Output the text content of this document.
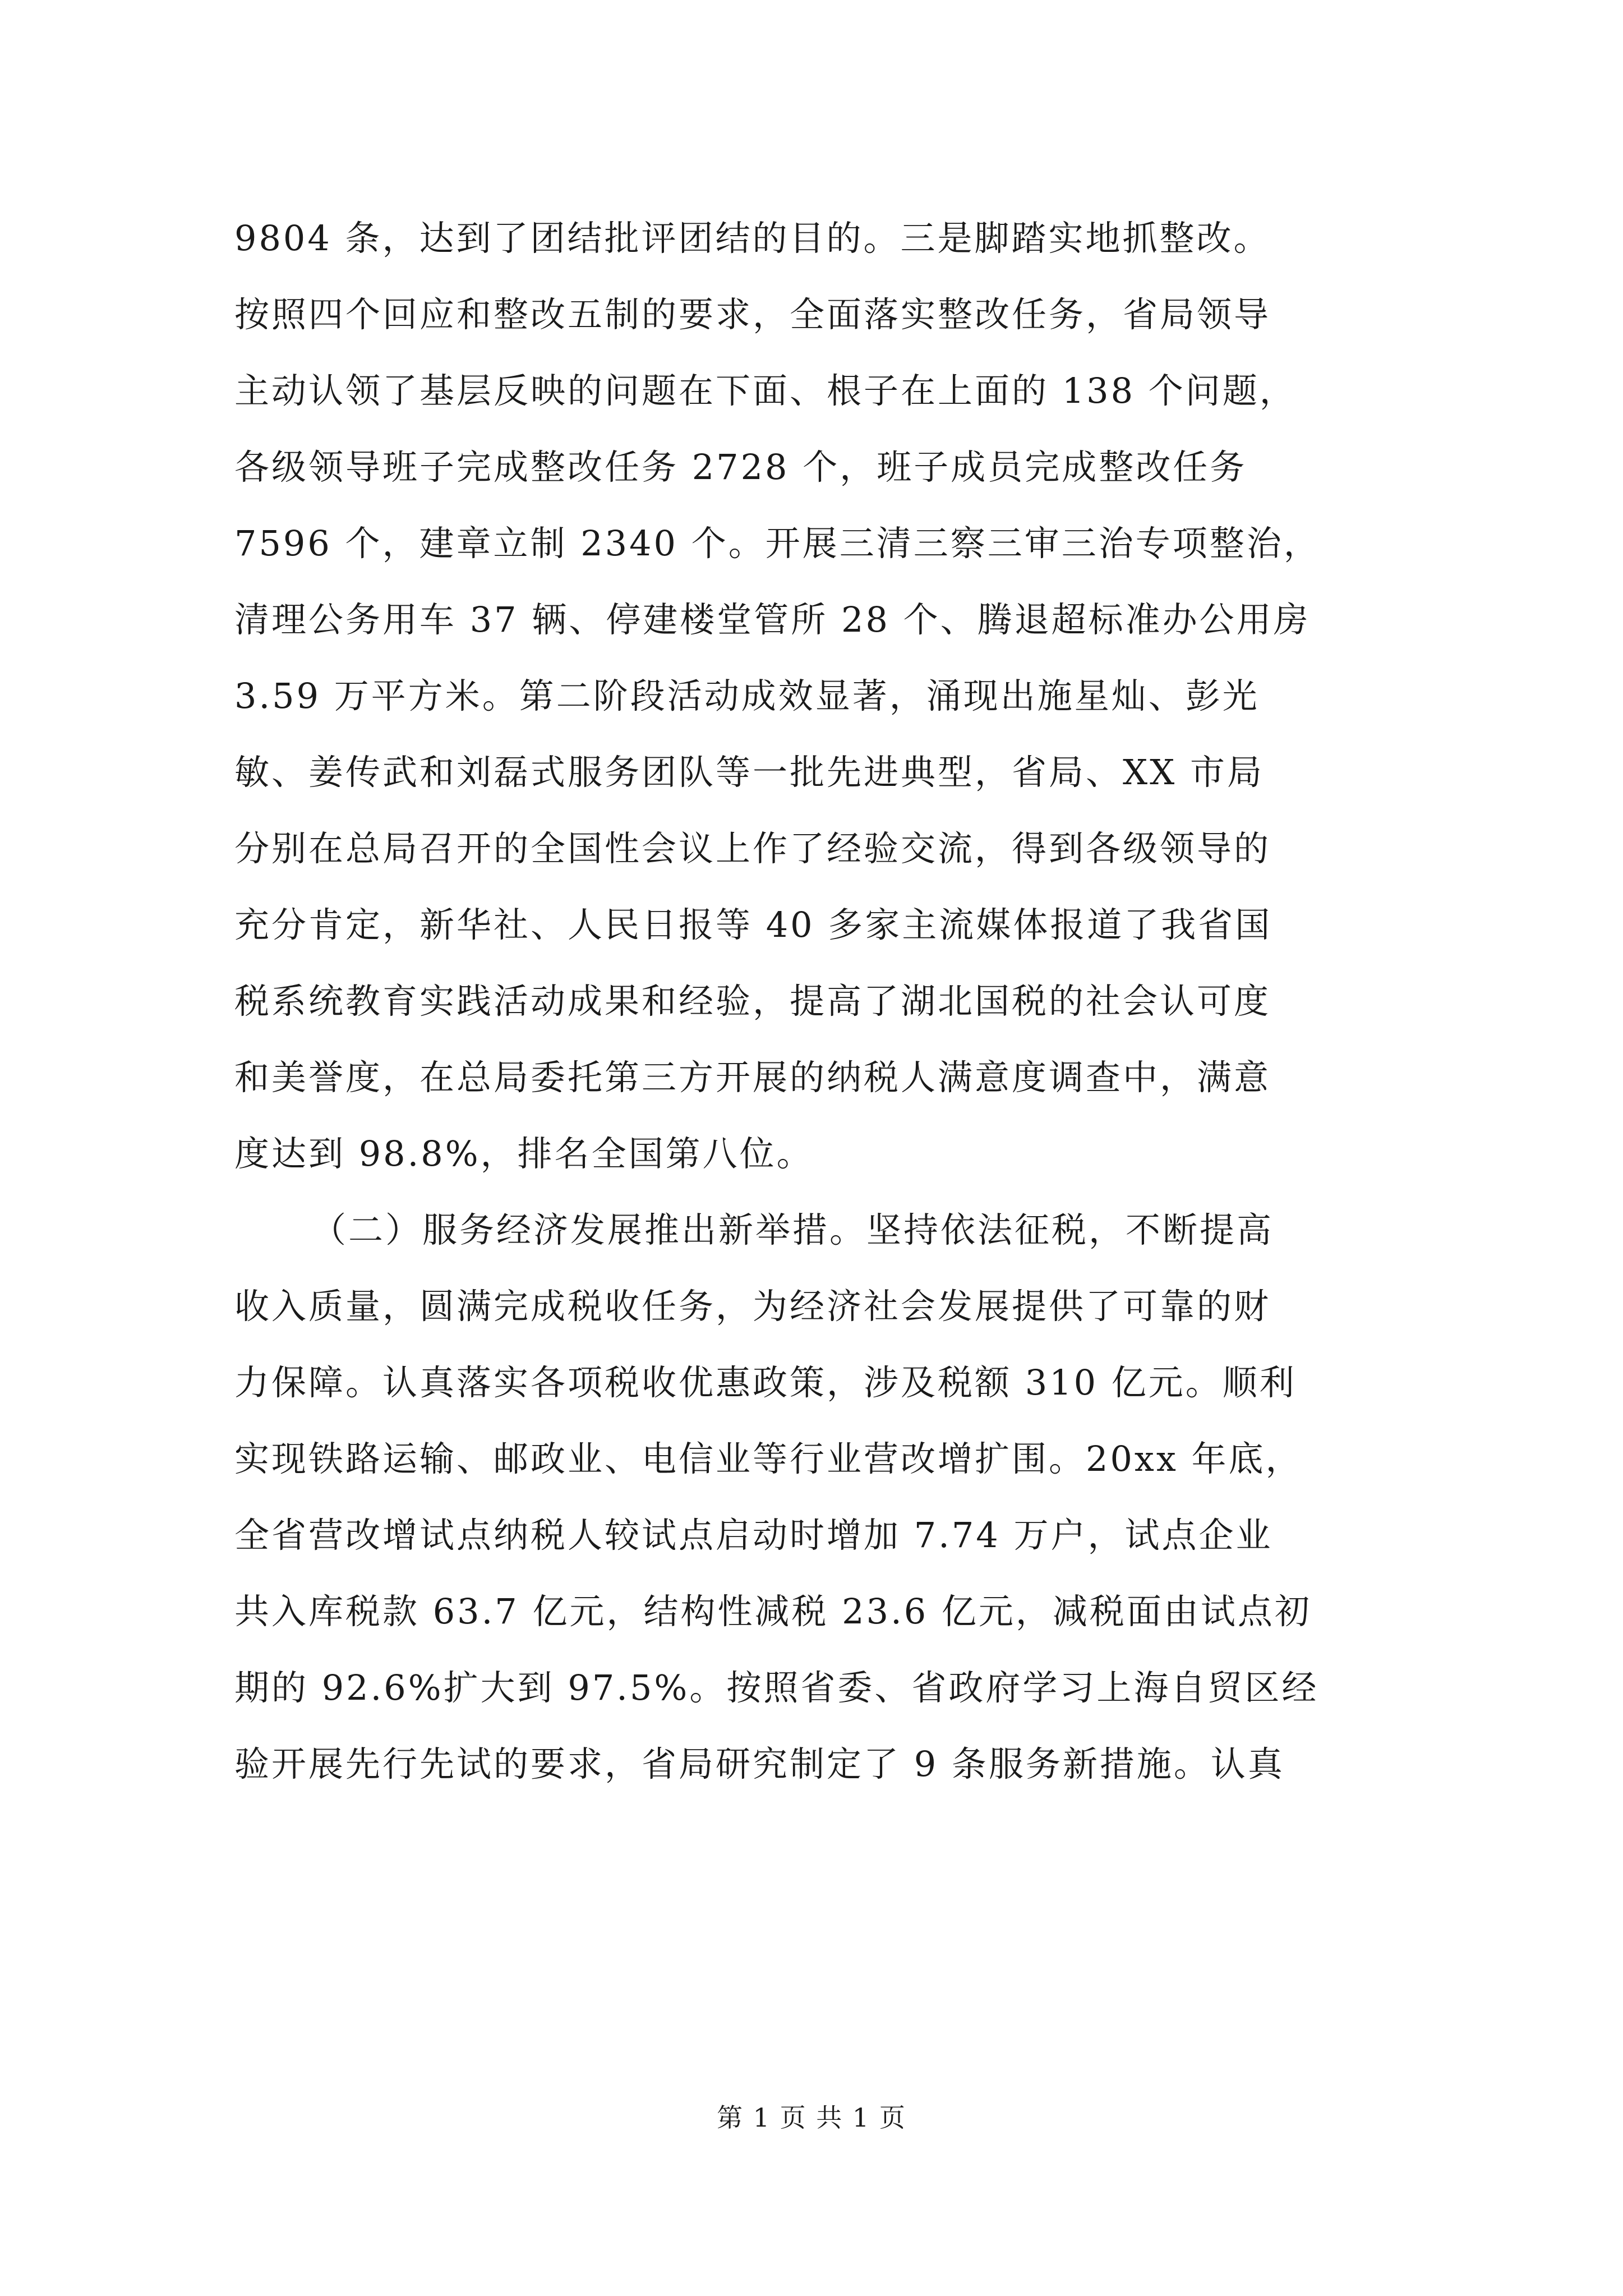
9804 条，达到了团结批评团结的目的。三是脚踏实地抓整改。
按照四个回应和整改五制的要求，全面落实整改任务，省局领导
主动认领了基层反映的问题在下面、根子在上面的 138 个问题，
各级领导班子完成整改任务 2728 个，班子成员完成整改任务
7596 个，建章立制 2340 个。开展三清三察三审三治专项整治，
清理公务用车 37 辆、停建楼堂管所 28 个、腾退超标准办公用房
3.59 万平方米。第二阶段活动成效显著，涌现出施星灿、彭光
敏、姜传武和刘磊式服务团队等一批先进典型，省局、XX 市局
分别在总局召开的全国性会议上作了经验交流，得到各级领导的
充分肯定，新华社、人民日报等 40 多家主流媒体报道了我省国
税系统教育实践活动成果和经验，提高了湖北国税的社会认可度
和美誉度，在总局委托第三方开展的纳税人满意度调查中，满意
度达到 98.8%，排名全国第八位。
（二）服务经济发展推出新举措。坚持依法征税，不断提高
收入质量，圆满完成税收任务，为经济社会发展提供了可靠的财
力保障。认真落实各项税收优惠政策，涉及税额 310 亿元。顺利
实现铁路运输、邮政业、电信业等行业营改增扩围。20xx 年底，
全省营改增试点纳税人较试点启动时增加 7.74 万户，试点企业
共入库税款 63.7 亿元，结构性减税 23.6 亿元，减税面由试点初
期的 92.6%扩大到 97.5%。按照省委、省政府学习上海自贸区经
验开展先行先试的要求，省局研究制定了 9 条服务新措施。认真
第 1 页 共 1 页
